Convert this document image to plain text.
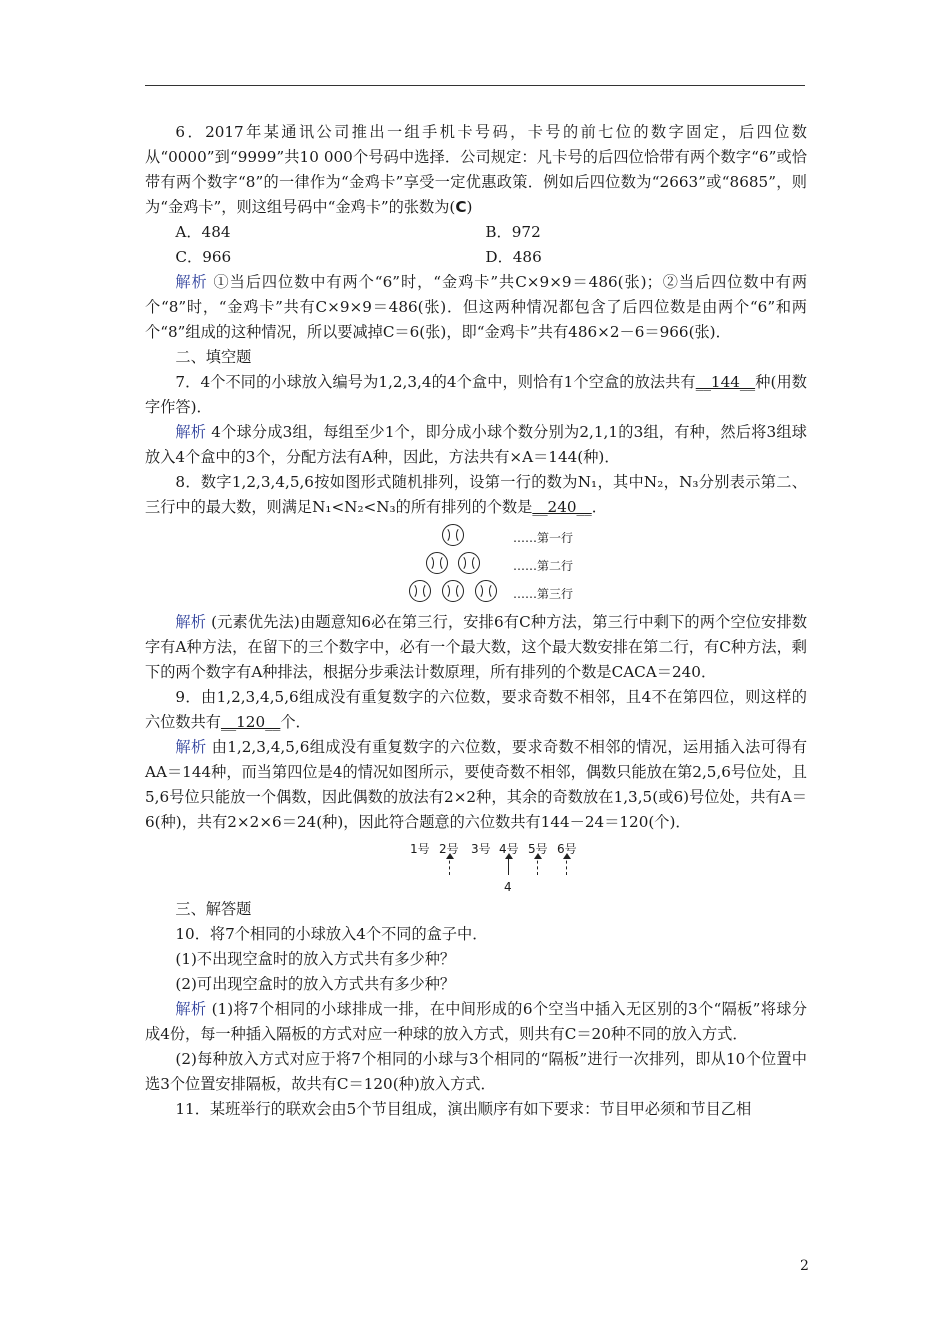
6．2017年某通讯公司推出一组手机卡号码，卡号的前七位的数字固定，后四位数从“0000”到“9999”共10 000个号码中选择．公司规定：凡卡号的后四位恰带有两个数字“6”或恰带有两个数字“8”的一律作为“金鸡卡”享受一定优惠政策．例如后四位数为“2663”或“8685”，则为“金鸡卡”，则这组号码中“金鸡卡”的张数为(C)

A．484	B．972
C．966	D．486

解析 ①当后四位数中有两个“6”时，“金鸡卡”共C×9×9＝486(张)；②当后四位数中有两个“8”时，“金鸡卡”共有C×9×9＝486(张)．但这两种情况都包含了后四位数是由两个“6”和两个“8”组成的这种情况，所以要减掉C＝6(张)，即“金鸡卡”共有486×2－6＝966(张)．

二、填空题

7．4个不同的小球放入编号为1,2,3,4的4个盒中，则恰有1个空盒的放法共有__144__种(用数字作答)．

解析 4个球分成3组，每组至少1个，即分成小球个数分别为2,1,1的3组，有种，然后将3组球放入4个盒中的3个，分配方法有A种，因此，方法共有×A＝144(种)．

8．数字1,2,3,4,5,6按如图形式随机排列，设第一行的数为N₁，其中N₂，N₃分别表示第二、三行中的最大数，则满足N₁<N₂<N₃的所有排列的个数是__240__．

……第一行
……第二行
……第三行

解析 (元素优先法)由题意知6必在第三行，安排6有C种方法，第三行中剩下的两个空位安排数字有A种方法，在留下的三个数字中，必有一个最大数，这个最大数安排在第二行，有C种方法，剩下的两个数字有A种排法，根据分步乘法计数原理，所有排列的个数是CACA＝240．

9．由1,2,3,4,5,6组成没有重复数字的六位数，要求奇数不相邻，且4不在第四位，则这样的六位数共有__120__个．

解析 由1,2,3,4,5,6组成没有重复数字的六位数，要求奇数不相邻的情况，运用插入法可得有AA＝144种，而当第四位是4的情况如图所示，要使奇数不相邻，偶数只能放在第2,5,6号位处，且5,6号位只能放一个偶数，因此偶数的放法有2×2种，其余的奇数放在1,3,5(或6)号位处，共有A＝6(种)，共有2×2×6＝24(种)，因此符合题意的六位数共有144－24＝120(个)．

1号 2号 3号 4号 5号 6号
4

三、解答题

10．将7个相同的小球放入4个不同的盒子中．

(1)不出现空盒时的放入方式共有多少种？

(2)可出现空盒时的放入方式共有多少种？

解析 (1)将7个相同的小球排成一排，在中间形成的6个空当中插入无区别的3个“隔板”将球分成4份，每一种插入隔板的方式对应一种球的放入方式，则共有C＝20种不同的放入方式．

(2)每种放入方式对应于将7个相同的小球与3个相同的“隔板”进行一次排列，即从10个位置中选3个位置安排隔板，故共有C＝120(种)放入方式．

11．某班举行的联欢会由5个节目组成，演出顺序有如下要求：节目甲必须和节目乙相

2
